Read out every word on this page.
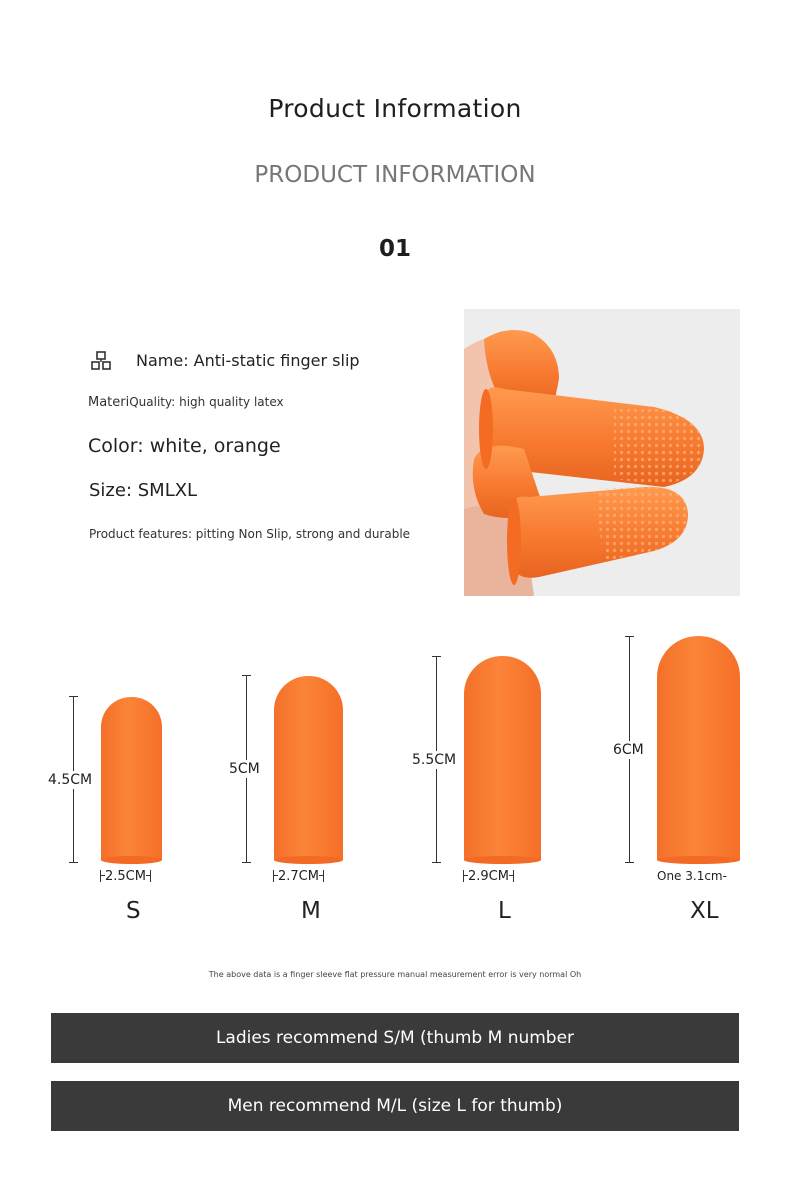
Product Information
PRODUCT INFORMATION
01
Name: Anti-static finger slip
MateriQuality: high quality latex
Color: white, orange
Size: SMLXL
Product features: pitting Non Slip, strong and durable
4.5CM
2.5CM
S
5CM
2.7CM
M
5.5CM
2.9CM
L
6CM
One 3.1cm-
XL
The above data is a finger sleeve flat pressure manual measurement error is very normal Oh
Ladies recommend S/M (thumb M number
Men recommend M/L (size L for thumb)
